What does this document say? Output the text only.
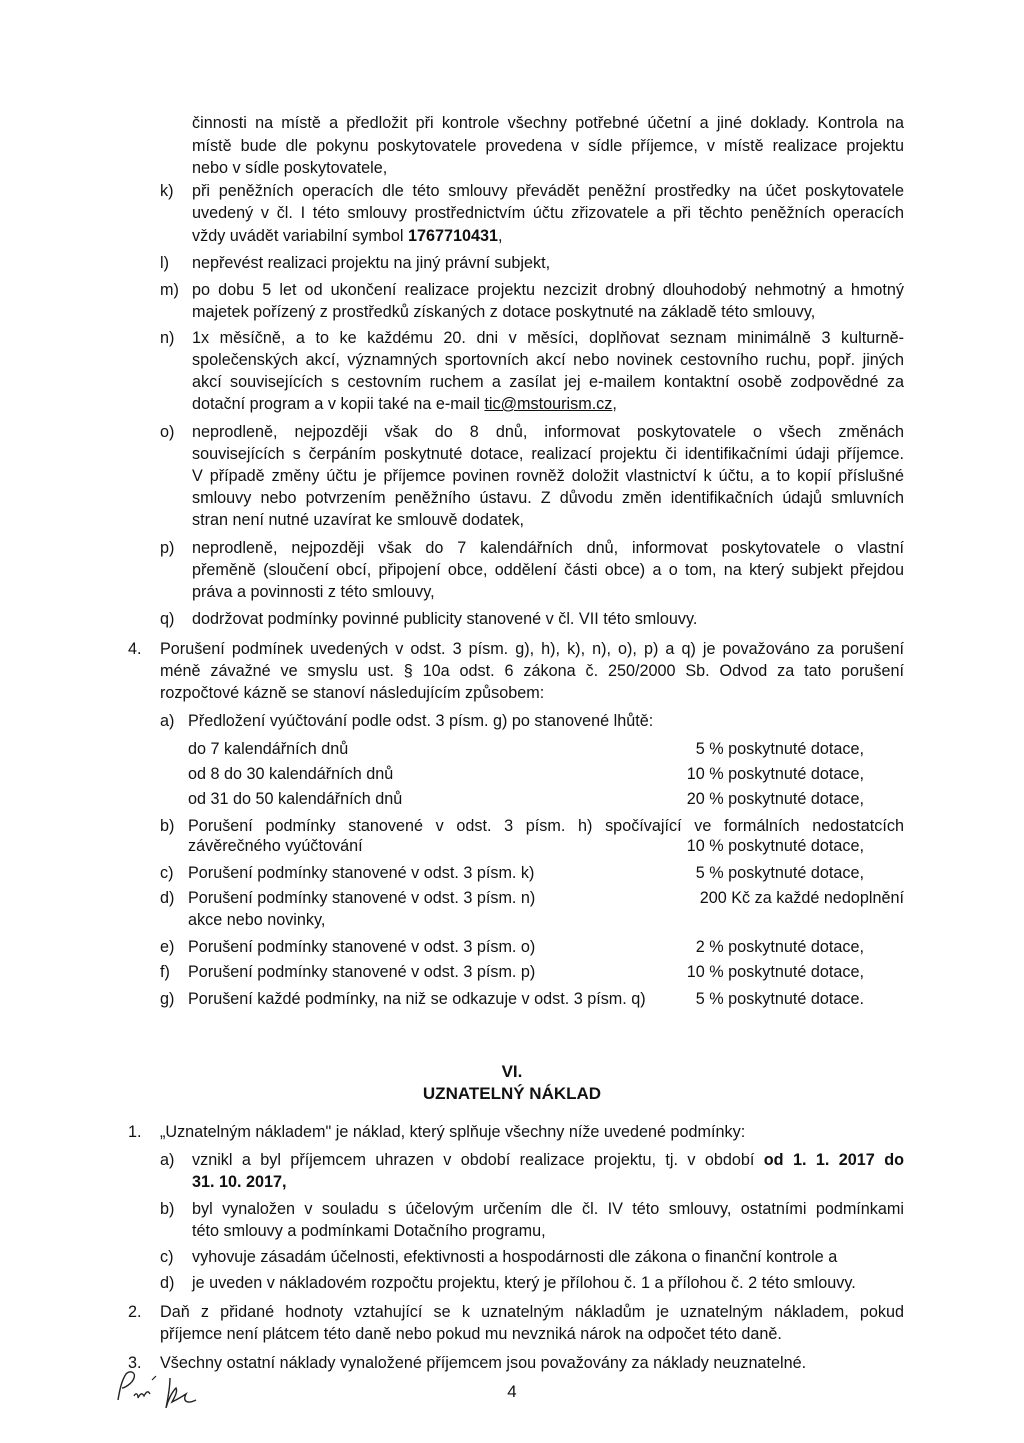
činnosti na místě a předložit při kontrole všechny potřebné účetní a jiné doklady. Kontrola na
místě bude dle pokynu poskytovatele provedena v sídle příjemce, v místě realizace projektu
nebo v sídle poskytovatele,
k) při peněžních operacích dle této smlouvy převádět peněžní prostředky na účet poskytovatele
uvedený v čl. I této smlouvy prostřednictvím účtu zřizovatele a při těchto peněžních operacích
vždy uvádět variabilní symbol 1767710431,
l) nepřevést realizaci projektu na jiný právní subjekt,
m) po dobu 5 let od ukončení realizace projektu nezcizit drobný dlouhodobý nehmotný a hmotný
majetek pořízený z prostředků získaných z dotace poskytnuté na základě této smlouvy,
n) 1x měsíčně, a to ke každému 20. dni v měsíci, doplňovat seznam minimálně 3 kulturně-
společenských akcí, významných sportovních akcí nebo novinek cestovního ruchu, popř. jiných
akcí souvisejících s cestovním ruchem a zasílat jej e-mailem kontaktní osobě zodpovědné za
dotační program a v kopii také na e-mail tic@mstourism.cz,
o) neprodleně, nejpozději však do 8 dnů, informovat poskytovatele o všech změnách
souvisejících s čerpáním poskytnuté dotace, realizací projektu či identifikačními údaji příjemce.
V případě změny účtu je příjemce povinen rovněž doložit vlastnictví k účtu, a to kopií příslušné
smlouvy nebo potvrzením peněžního ústavu. Z důvodu změn identifikačních údajů smluvních
stran není nutné uzavírat ke smlouvě dodatek,
p) neprodleně, nejpozději však do 7 kalendářních dnů, informovat poskytovatele o vlastní
přeměně (sloučení obcí, připojení obce, oddělení části obce) a o tom, na který subjekt přejdou
práva a povinnosti z této smlouvy,
q) dodržovat podmínky povinné publicity stanovené v čl. VII této smlouvy.
4. Porušení podmínek uvedených v odst. 3 písm. g), h), k), n), o), p) a q) je považováno za porušení
méně závažné ve smyslu ust. § 10a odst. 6 zákona č. 250/2000 Sb. Odvod za tato porušení
rozpočtové kázně se stanoví následujícím způsobem:
a) Předložení vyúčtování podle odst. 3 písm. g) po stanovené lhůtě:
do 7 kalendářních dnů	5 % poskytnuté dotace,
od 8 do 30 kalendářních dnů	10 % poskytnuté dotace,
od 31 do 50 kalendářních dnů	20 % poskytnuté dotace,
b) Porušení podmínky stanovené v odst. 3 písm. h) spočívající ve formálních nedostatcích
závěrečného vyúčtování	10 % poskytnuté dotace,
c) Porušení podmínky stanovené v odst. 3 písm. k)	5 % poskytnuté dotace,
d) Porušení podmínky stanovené v odst. 3 písm. n)	200 Kč za každé nedoplnění
akce nebo novinky,
e) Porušení podmínky stanovené v odst. 3 písm. o)	2 % poskytnuté dotace,
f) Porušení podmínky stanovené v odst. 3 písm. p)	10 % poskytnuté dotace,
g) Porušení každé podmínky, na niž se odkazuje v odst. 3 písm. q)	5 % poskytnuté dotace.
VI.
UZNATELNÝ NÁKLAD
1. „Uznatelným nákladem" je náklad, který splňuje všechny níže uvedené podmínky:
a) vznikl a byl příjemcem uhrazen v období realizace projektu, tj. v období od 1. 1. 2017 do
31. 10. 2017,
b) byl vynaložen v souladu s účelovým určením dle čl. IV této smlouvy, ostatními podmínkami
této smlouvy a podmínkami Dotačního programu,
c) vyhovuje zásadám účelnosti, efektivnosti a hospodárnosti dle zákona o finanční kontrole a
d) je uveden v nákladovém rozpočtu projektu, který je přílohou č. 1 a přílohou č. 2 této smlouvy.
2. Daň z přidané hodnoty vztahující se k uznatelným nákladům je uznatelným nákladem, pokud
příjemce není plátcem této daně nebo pokud mu nevzniká nárok na odpočet této daně.
3. Všechny ostatní náklady vynaložené příjemcem jsou považovány za náklady neuznatelné.
4
